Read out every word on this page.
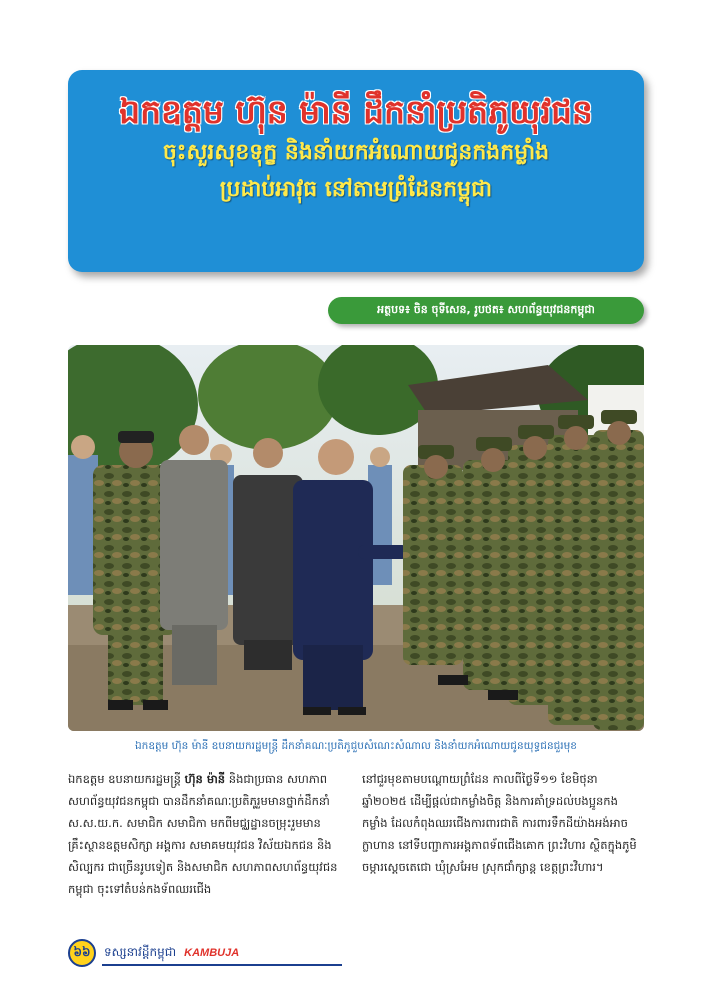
ឯកឧត្តម ហ៊ុន ម៉ានី ដឹកនាំប្រតិភូយុវជន
ចុះសួរសុខទុក្ខ និងនាំយកអំណោយជូនកងកម្លាំង
ប្រដាប់អាវុធ នៅតាមព្រំដែនកម្ពុជា
អត្ថបទ៖ ចិន ចុទីសេន, រូបថត៖ សហព័ន្ធយុវជនកម្ពុជា
ឯកឧត្តម ហ៊ុន ម៉ានី ឧបនាយករដ្ឋមន្ត្រី ដឹកនាំគណៈប្រតិភូជួបសំណេះសំណាល និងនាំយកអំណោយជូនយុទ្ធជនជួរមុខ
ឯកឧត្តម ឧបនាយករដ្ឋមន្ត្រី ហ៊ុន ម៉ានី និងជាប្រធាន សហភាពសហព័ន្ធយុវជនកម្ពុជា បានដឹកនាំគណៈប្រតិភូរួមមានថ្នាក់ដឹកនាំ ស.ស.យ.ក. សមាជិក សមាជិកា មកពីមជ្ឈដ្ឋានចម្រុះរួមមាន គ្រឹះស្ថានឧត្តមសិក្សា អង្គការ សមាគមយុវជន វិស័យឯកជន និងសិល្បករ ជាច្រើនរូបទៀត និងសមាជិក សហភាពសហព័ន្ធយុវជនកម្ពុជា ចុះទៅតំបន់កងទ័ពឈរជើង
នៅជួរមុខតាមបណ្តោយព្រំដែន កាលពីថ្ងៃទី១១ ខែមិថុនា ឆ្នាំ២០២៥ ដើម្បីផ្តល់ជាកម្លាំងចិត្ត និងការគាំទ្រដល់បងប្អូនកងកម្លាំង ដែលកំពុងឈរជើងការពារជាតិ ការពារទឹកដីយ៉ាងអង់អាចក្លាហាន នៅទីបញ្ជាការអង្គភាពទ័ពជើងគោក ព្រះវិហារ ស្ថិតក្នុងភូមិចម្ការស្ដេចតេជោ ឃុំស្រអែម ស្រុកជាំក្សាន្ត ខេត្តព្រះវិហារ។
៦៦	ទស្សនាវដ្តីកម្ពុជា KAMBUJA
